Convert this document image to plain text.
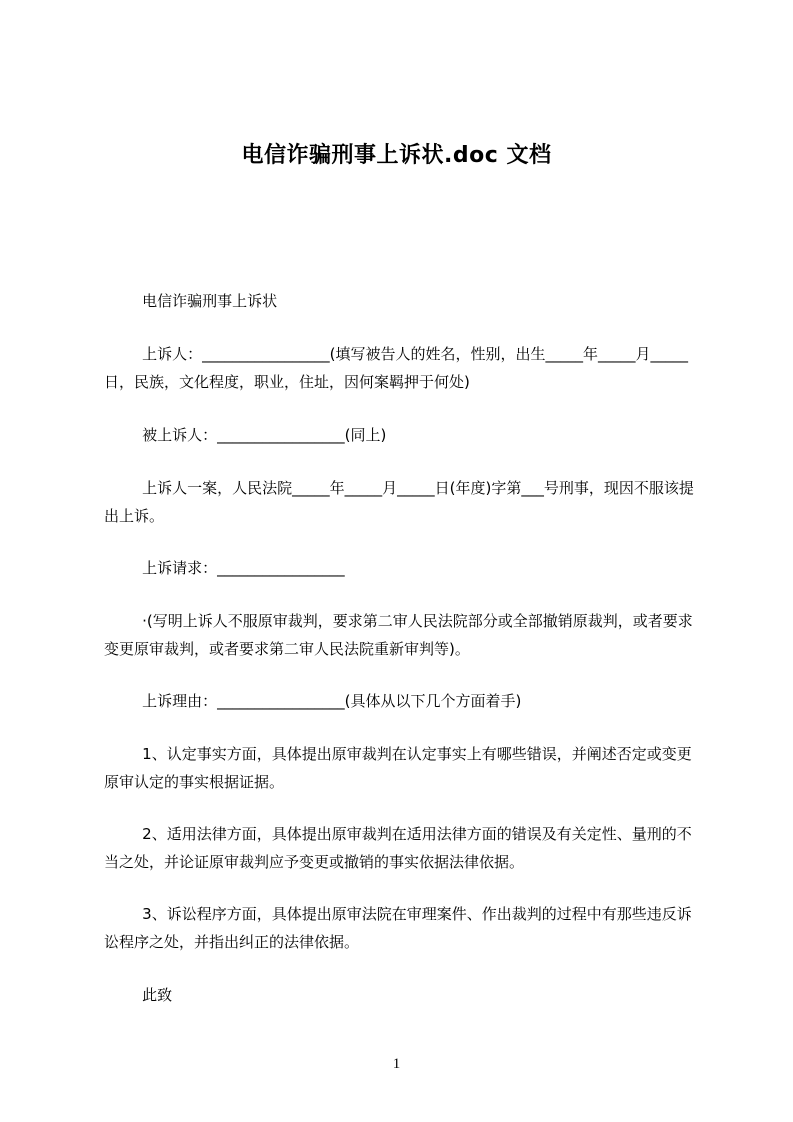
电信诈骗刑事上诉状.doc 文档
电信诈骗刑事上诉状
上诉人：_________________(填写被告人的姓名，性别，出生_____年_____月_____日，民族，文化程度，职业，住址，因何案羁押于何处)
被上诉人：_________________(同上)
上诉人一案，人民法院_____年_____月_____日(年度)字第___号刑事，现因不服该提出上诉。
上诉请求：_________________
·(写明上诉人不服原审裁判，要求第二审人民法院部分或全部撤销原裁判，或者要求变更原审裁判，或者要求第二审人民法院重新审判等)。
上诉理由：_________________(具体从以下几个方面着手)
1、认定事实方面，具体提出原审裁判在认定事实上有哪些错误，并阐述否定或变更原审认定的事实根据证据。
2、适用法律方面，具体提出原审裁判在适用法律方面的错误及有关定性、量刑的不当之处，并论证原审裁判应予变更或撤销的事实依据法律依据。
3、诉讼程序方面，具体提出原审法院在审理案件、作出裁判的过程中有那些违反诉讼程序之处，并指出纠正的法律依据。
此致
1
